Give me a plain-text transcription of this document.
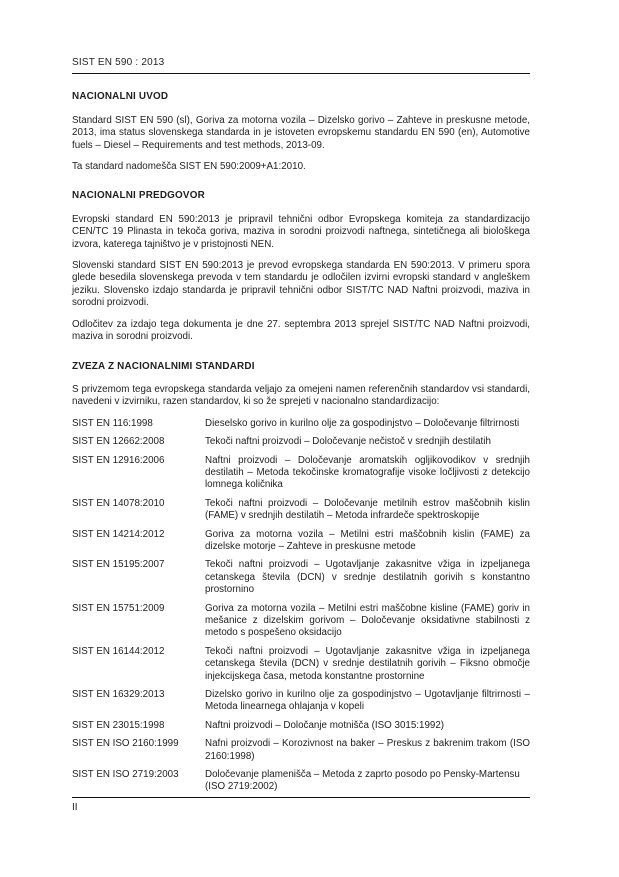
SIST EN 590 : 2013
NACIONALNI UVOD

Standard SIST EN 590 (sl), Goriva za motorna vozila – Dizelsko gorivo – Zahteve in preskusne metode, 2013, ima status slovenskega standarda in je istoveten evropskemu standardu EN 590 (en), Automotive fuels – Diesel – Requirements and test methods, 2013-09.

Ta standard nadomešča SIST EN 590:2009+A1:2010.

NACIONALNI PREDGOVOR

Evropski standard EN 590:2013 je pripravil tehnični odbor Evropskega komiteja za standardizacijo CEN/TC 19 Plinasta in tekoča goriva, maziva in sorodni proizvodi naftnega, sintetičnega ali biološkega izvora, katerega tajništvo je v pristojnosti NEN.

Slovenski standard SIST EN 590:2013 je prevod evropskega standarda EN 590:2013. V primeru spora glede besedila slovenskega prevoda v tem standardu je odločilen izvirni evropski standard v angleškem jeziku. Slovensko izdajo standarda je pripravil tehnični odbor SIST/TC NAD Naftni proizvodi, maziva in sorodni proizvodi.

Odločitev za izdajo tega dokumenta je dne 27. septembra 2013 sprejel SIST/TC NAD Naftni proizvodi, maziva in sorodni proizvodi.

ZVEZA Z NACIONALNIMI STANDARDI

S privzemom tega evropskega standarda veljajo za omejeni namen referenčnih standardov vsi standardi, navedeni v izvirniku, razen standardov, ki so že sprejeti v nacionalno standardizacijo:

SIST EN 116:1998	Dieselsko gorivo in kurilno olje za gospodinjstvo – Določevanje filtrirnosti
SIST EN 12662:2008	Tekoči naftni proizvodi – Določevanje nečistoč v srednjih destilatih
SIST EN 12916:2006	Naftni proizvodi – Določevanje aromatskih ogljikovodikov v srednjih destilatih – Metoda tekočinske kromatografije visoke ločljivosti z detekcijo lomnega količnika
SIST EN 14078:2010	Tekoči naftni proizvodi – Določevanje metilnih estrov maščobnih kislin (FAME) v srednjih destilatih – Metoda infrardeče spektroskopije
SIST EN 14214:2012	Goriva za motorna vozila – Metilni estri maščobnih kislin (FAME) za dizelske motorje – Zahteve in preskusne metode
SIST EN 15195:2007	Tekoči naftni proizvodi – Ugotavljanje zakasnitve vžiga in izpeljanega cetanskega števila (DCN) v srednje destilatnih gorivih s konstantno prostornino
SIST EN 15751:2009	Goriva za motorna vozila – Metilni estri maščobne kisline (FAME) goriv in mešanice z dizelskim gorivom – Določevanje oksidativne stabilnosti z metodo s pospešeno oksidacijo
SIST EN 16144:2012	Tekoči naftni proizvodi – Ugotavljanje zakasnitve vžiga in izpeljanega cetanskega števila (DCN) v srednje destilatnih gorivih – Fiksno območje injekcijskega časa, metoda konstantne prostornine
SIST EN 16329:2013	Dizelsko gorivo in kurilno olje za gospodinjstvo – Ugotavljanje filtrirnosti – Metoda linearnega ohlajanja v kopeli
SIST EN 23015:1998	Naftni proizvodi – Določanje motnišča (ISO 3015:1992)
SIST EN ISO 2160:1999	Nafni proizvodi – Korozivnost na baker – Preskus z bakrenim trakom (ISO 2160:1998)
SIST EN ISO 2719:2003	Določevanje plamenišča – Metoda z zaprto posodo po Pensky-Martensu (ISO 2719:2002)
II
